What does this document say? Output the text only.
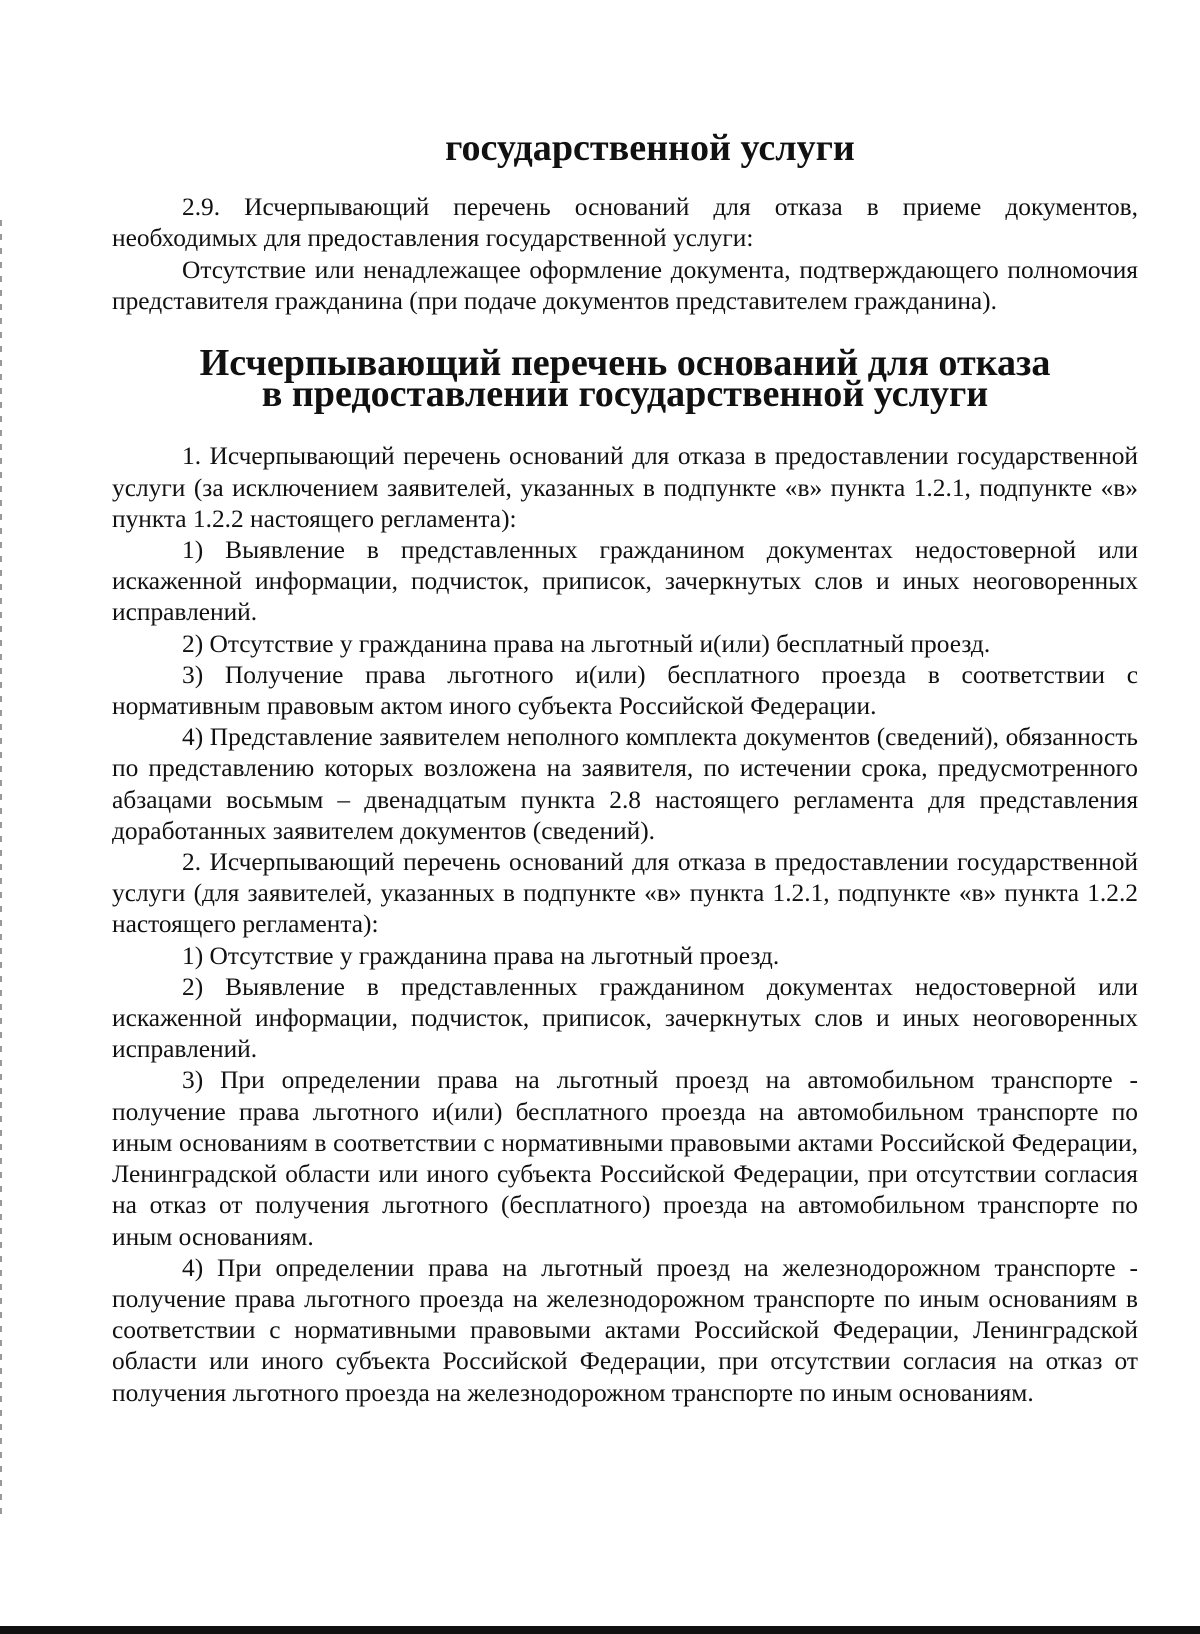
государственной услуги

2.9. Исчерпывающий перечень оснований для отказа в приеме документов, необходимых для предоставления государственной услуги:

Отсутствие или ненадлежащее оформление документа, подтверждающего полномочия представителя гражданина (при подаче документов представителем гражданина).

Исчерпывающий перечень оснований для отказа
в предоставлении государственной услуги

1. Исчерпывающий перечень оснований для отказа в предоставлении государственной услуги (за исключением заявителей, указанных в подпункте «в» пункта 1.2.1, подпункте «в» пункта 1.2.2 настоящего регламента):

1) Выявление в представленных гражданином документах недостоверной или искаженной информации, подчисток, приписок, зачеркнутых слов и иных неоговоренных исправлений.

2) Отсутствие у гражданина права на льготный и(или) бесплатный проезд.

3) Получение права льготного и(или) бесплатного проезда в соответствии с нормативным правовым актом иного субъекта Российской Федерации.

4) Представление заявителем неполного комплекта документов (сведений), обязанность по представлению которых возложена на заявителя, по истечении срока, предусмотренного абзацами восьмым – двенадцатым пункта 2.8 настоящего регламента для представления доработанных заявителем документов (сведений).

2. Исчерпывающий перечень оснований для отказа в предоставлении государственной услуги (для заявителей, указанных в подпункте «в» пункта 1.2.1, подпункте «в» пункта 1.2.2 настоящего регламента):

1) Отсутствие у гражданина права на льготный проезд.

2) Выявление в представленных гражданином документах недостоверной или искаженной информации, подчисток, приписок, зачеркнутых слов и иных неоговоренных исправлений.

3) При определении права на льготный проезд на автомобильном транспорте - получение права льготного и(или) бесплатного проезда на автомобильном транспорте по иным основаниям в соответствии с нормативными правовыми актами Российской Федерации, Ленинградской области или иного субъекта Российской Федерации, при отсутствии согласия на отказ от получения льготного (бесплатного) проезда на автомобильном транспорте по иным основаниям.

4) При определении права на льготный проезд на железнодорожном транспорте - получение права льготного проезда на железнодорожном транспорте по иным основаниям в соответствии с нормативными правовыми актами Российской Федерации, Ленинградской области или иного субъекта Российской Федерации, при отсутствии согласия на отказ от получения льготного проезда на железнодорожном транспорте по иным основаниям.
